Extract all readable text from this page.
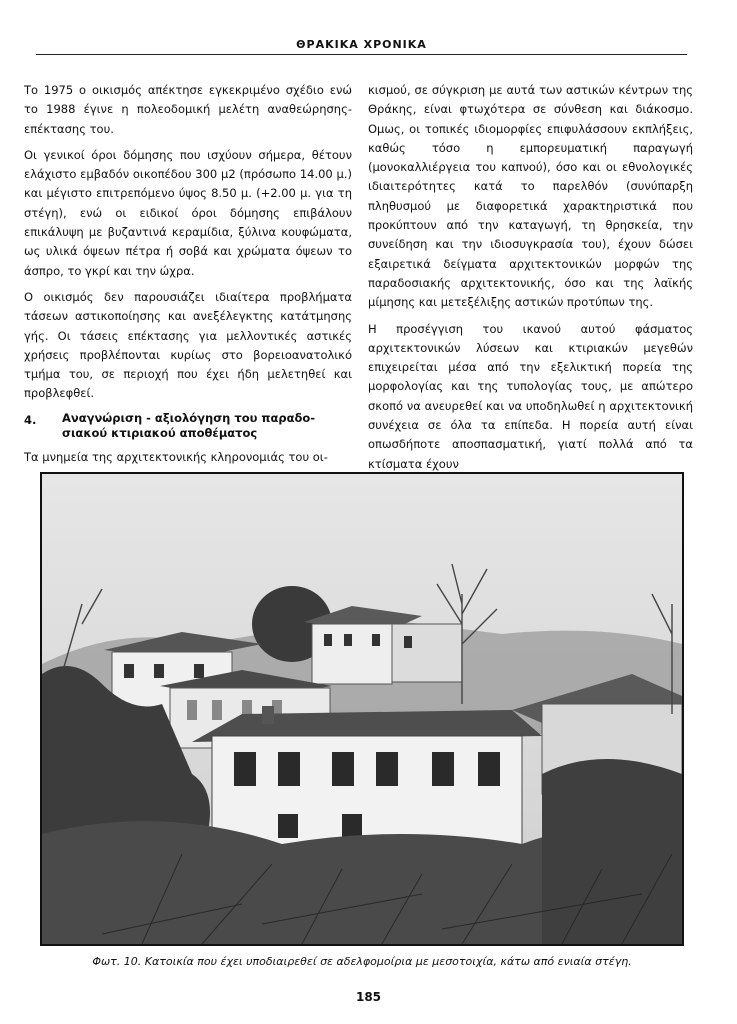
ΘΡΑΚΙΚΑ ΧΡΟΝΙΚΑ

Το 1975 ο οικισμός απέκτησε εγκεκριμένο σχέδιο ενώ το 1988 έγινε η πολεοδομική μελέτη αναθεώρησης-επέκτασης του.

Οι γενικοί όροι δόμησης που ισχύουν σήμερα, θέτουν ελάχιστο εμβαδόν οικοπέδου 300 μ2 (πρόσωπο 14.00 μ.) και μέγιστο επιτρεπόμενο ύψος 8.50 μ. (+2.00 μ. για τη στέγη), ενώ οι ειδικοί όροι δόμησης επιβάλουν επικάλυψη με βυζαντινά κεραμίδια, ξύλινα κουφώματα, ως υλικά όψεων πέτρα ή σοβά και χρώματα όψεων το άσπρο, το γκρί και την ώχρα.

Ο οικισμός δεν παρουσιάζει ιδιαίτερα προβλήματα τάσεων αστικοποίησης και ανεξέλεγκτης κατάτμησης γής. Οι τάσεις επέκτασης για μελλοντικές αστικές χρήσεις προβλέπονται κυρίως στο βορειοανατολικό τμήμα του, σε περιοχή που έχει ήδη μελετηθεί και προβλεφθεί.

4. Αναγνώριση - αξιολόγηση του παραδο-
σιακού κτιριακού αποθέματος

Τα μνημεία της αρχιτεκτονικής κληρονομιάς του οι-

κισμού, σε σύγκριση με αυτά των αστικών κέντρων της Θράκης, είναι φτωχότερα σε σύνθεση και διάκοσμο. Ομως, οι τοπικές ιδιομορφίες επιφυλάσσουν εκπλήξεις, καθώς τόσο η εμπορευματική παραγωγή (μονοκαλλιέργεια του καπνού), όσο και οι εθνολογικές ιδιαιτερότητες κατά το παρελθόν (συνύπαρξη πληθυσμού με διαφορετικά χαρακτηριστικά που προκύπτουν από την καταγωγή, τη θρησκεία, την συνείδηση και την ιδιοσυγκρασία του), έχουν δώσει εξαιρετικά δείγματα αρχιτεκτονικών μορφών της παραδοσιακής αρχιτεκτονικής, όσο και της λαϊκής μίμησης και μετεξέλιξης αστικών προτύπων της.

Η προσέγγιση του ικανού αυτού φάσματος αρχιτεκτονικών λύσεων και κτιριακών μεγεθών επιχειρείται μέσα από την εξελικτική πορεία της μορφολογίας και της τυπολογίας τους, με απώτερο σκοπό να ανευρεθεί και να υποδηλωθεί η αρχιτεκτονική συνέχεια σε όλα τα επίπεδα. Η πορεία αυτή είναι οπωσδήποτε αποσπασματική, γιατί πολλά από τα κτίσματα έχουν

Φωτ. 10. Κατοικία που έχει υποδιαιρεθεί σε αδελφομοίρια με μεσοτοιχία, κάτω από ενιαία στέγη.
185
